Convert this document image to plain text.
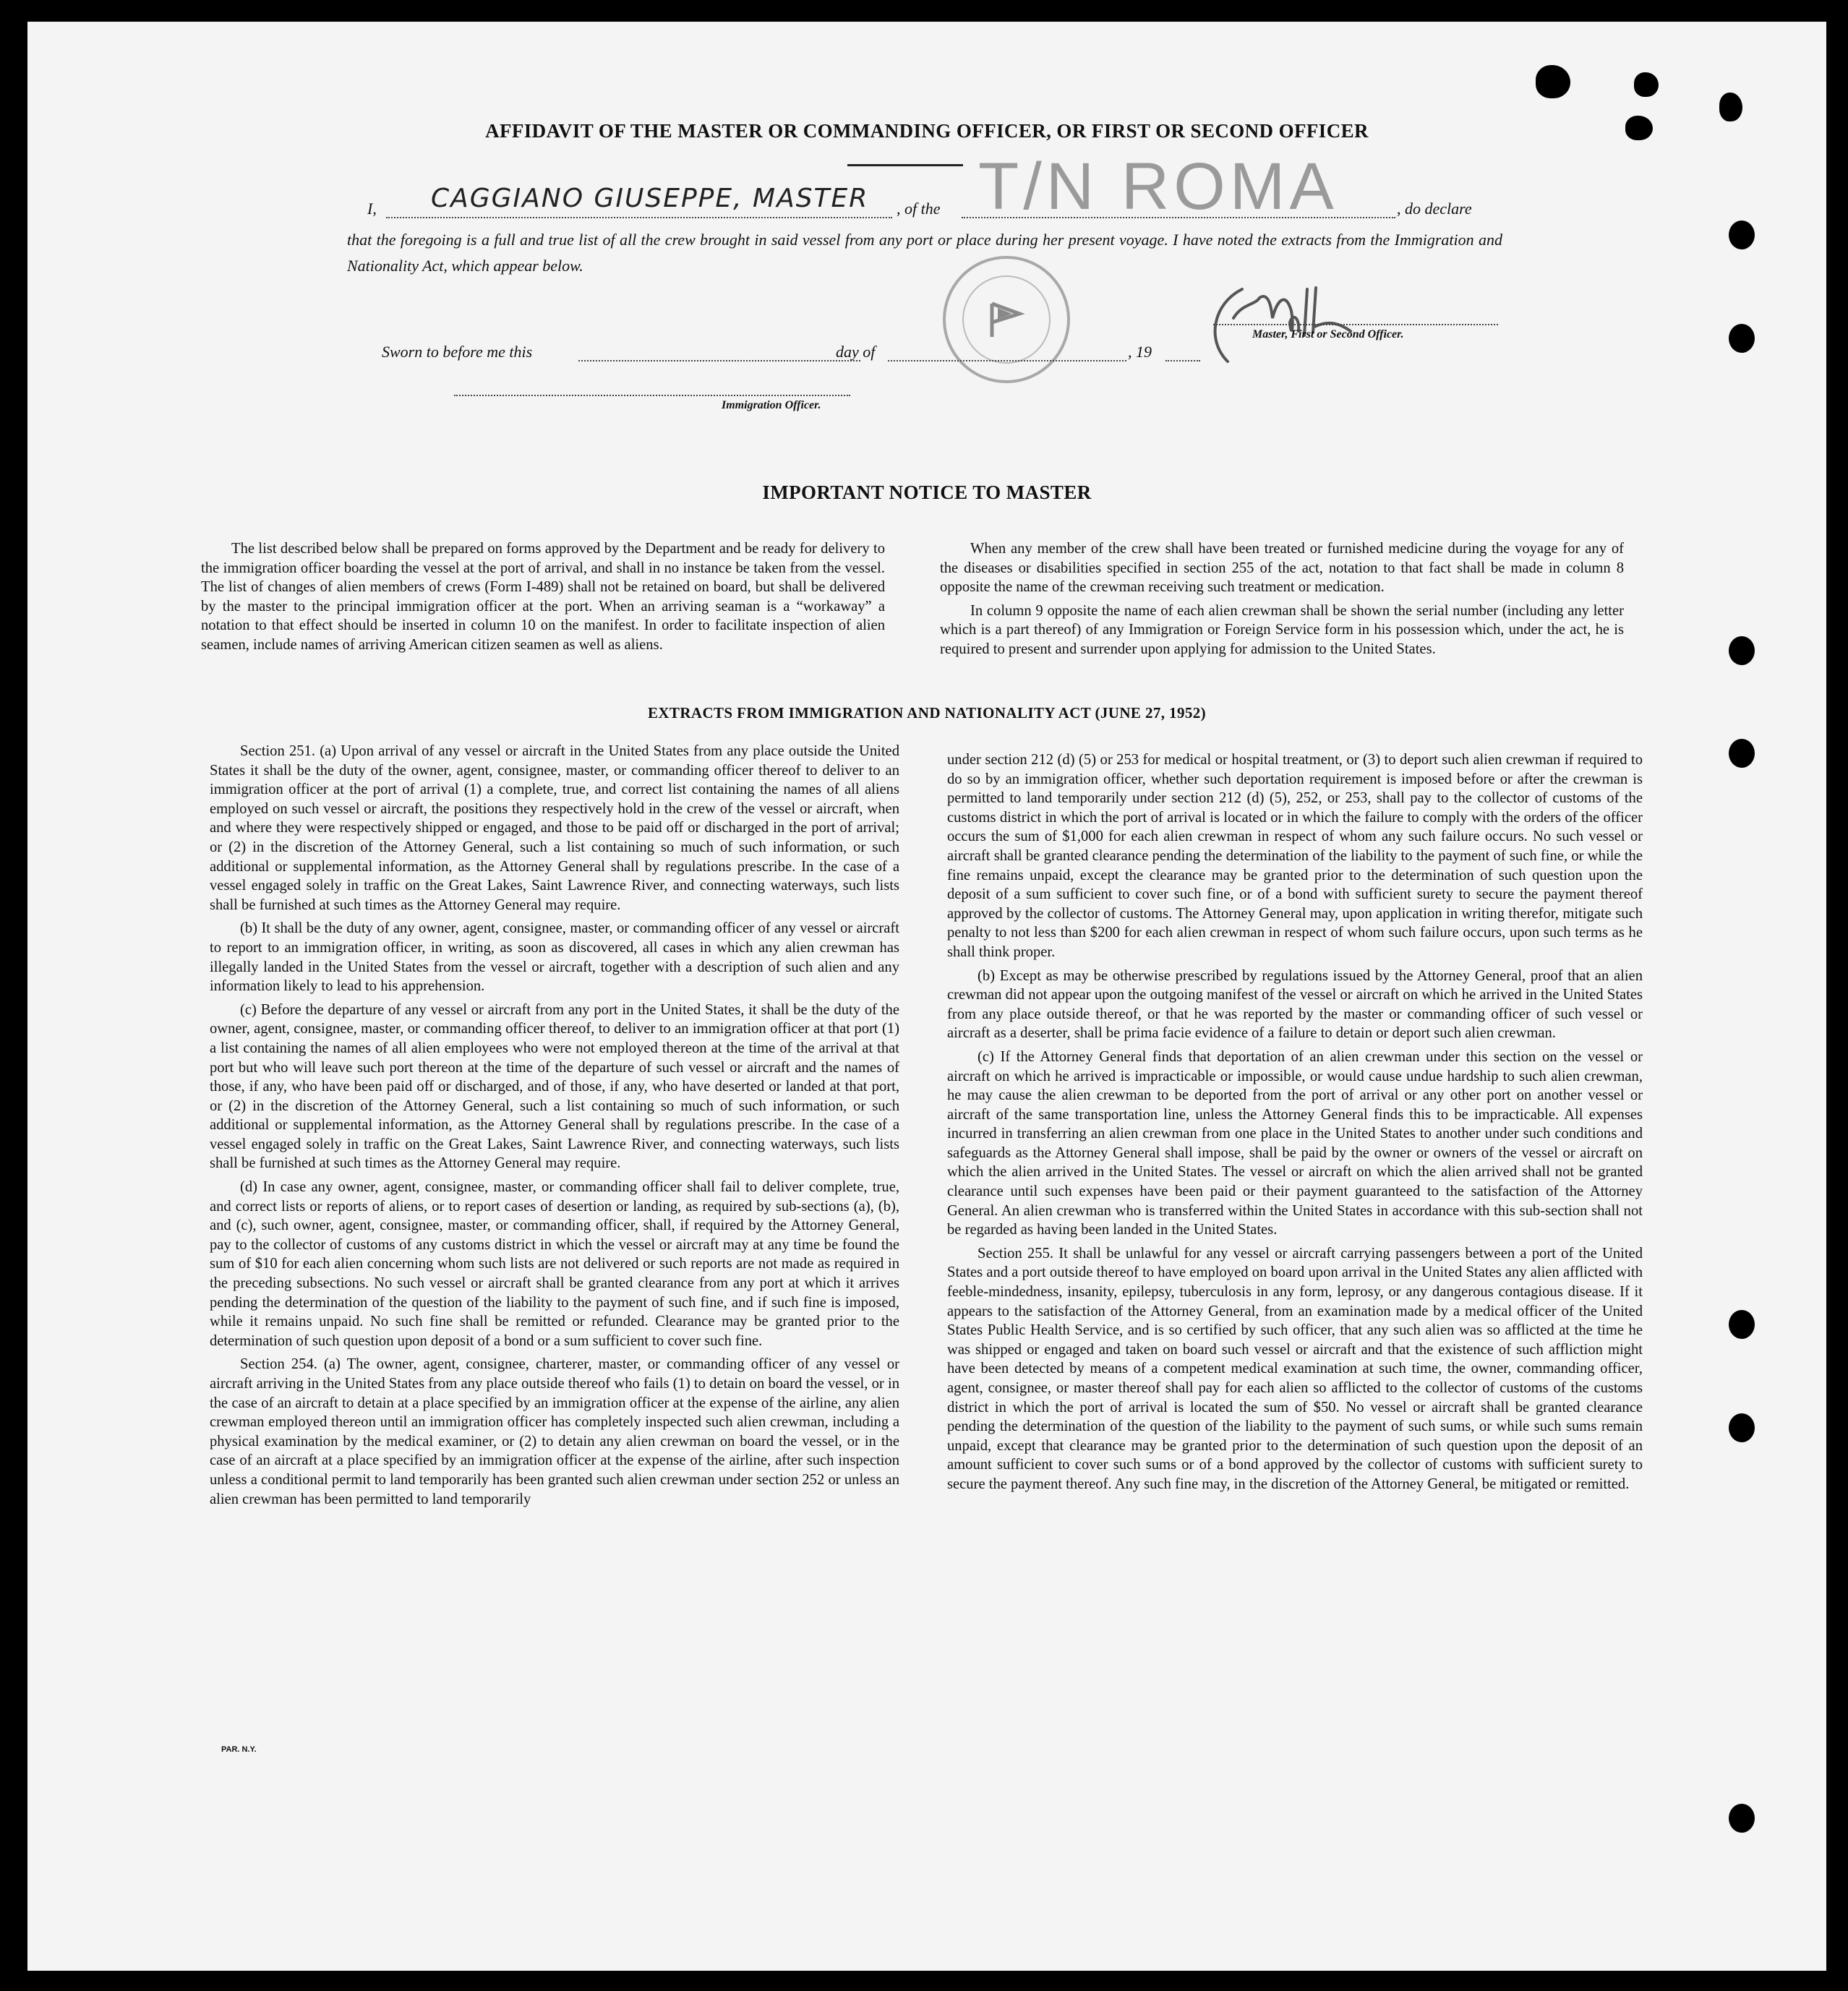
AFFIDAVIT OF THE MASTER OR COMMANDING OFFICER, OR FIRST OR SECOND OFFICER
T/N ROMA
I, CAGGIANO GIUSEPPE, MASTER , of the	, do declare
that the foregoing is a full and true list of all the crew brought in said vessel from any port or place during her present voyage. I have noted the extracts from the Immigration and Nationality Act, which appear below.
Master, First or Second Officer.
Sworn to before me this	day of	, 19
Immigration Officer.
IMPORTANT NOTICE TO MASTER

The list described below shall be prepared on forms approved by the Department and be ready for delivery to the immigration officer boarding the vessel at the port of arrival, and shall in no instance be taken from the vessel. The list of changes of alien members of crews (Form I-489) shall not be retained on board, but shall be delivered by the master to the principal immigration officer at the port. When an arriving seaman is a “workaway” a notation to that effect should be inserted in column 10 on the manifest. In order to facilitate inspection of alien seamen, include names of arriving American citizen seamen as well as aliens.

When any member of the crew shall have been treated or furnished medicine during the voyage for any of the diseases or disabilities specified in section 255 of the act, notation to that fact shall be made in column 8 opposite the name of the crewman receiving such treatment or medication.

In column 9 opposite the name of each alien crewman shall be shown the serial number (including any letter which is a part thereof) of any Immigration or Foreign Service form in his possession which, under the act, he is required to present and surrender upon applying for admission to the United States.

EXTRACTS FROM IMMIGRATION AND NATIONALITY ACT (JUNE 27, 1952)

Section 251. (a) Upon arrival of any vessel or aircraft in the United States from any place outside the United States it shall be the duty of the owner, agent, consignee, master, or commanding officer thereof to deliver to an immigration officer at the port of arrival (1) a complete, true, and correct list containing the names of all aliens employed on such vessel or aircraft, the positions they respectively hold in the crew of the vessel or aircraft, when and where they were respectively shipped or engaged, and those to be paid off or discharged in the port of arrival; or (2) in the discretion of the Attorney General, such a list containing so much of such information, or such additional or supplemental information, as the Attorney General shall by regulations prescribe. In the case of a vessel engaged solely in traffic on the Great Lakes, Saint Lawrence River, and connecting waterways, such lists shall be furnished at such times as the Attorney General may require.

(b) It shall be the duty of any owner, agent, consignee, master, or commanding officer of any vessel or aircraft to report to an immigration officer, in writing, as soon as discovered, all cases in which any alien crewman has illegally landed in the United States from the vessel or aircraft, together with a description of such alien and any information likely to lead to his apprehension.

(c) Before the departure of any vessel or aircraft from any port in the United States, it shall be the duty of the owner, agent, consignee, master, or commanding officer thereof, to deliver to an immigration officer at that port (1) a list containing the names of all alien employees who were not employed thereon at the time of the arrival at that port but who will leave such port thereon at the time of the departure of such vessel or aircraft and the names of those, if any, who have been paid off or discharged, and of those, if any, who have deserted or landed at that port, or (2) in the discretion of the Attorney General, such a list containing so much of such information, or such additional or supplemental information, as the Attorney General shall by regulations prescribe. In the case of a vessel engaged solely in traffic on the Great Lakes, Saint Lawrence River, and connecting waterways, such lists shall be furnished at such times as the Attorney General may require.

(d) In case any owner, agent, consignee, master, or commanding officer shall fail to deliver complete, true, and correct lists or reports of aliens, or to report cases of desertion or landing, as required by sub-sections (a), (b), and (c), such owner, agent, consignee, master, or commanding officer, shall, if required by the Attorney General, pay to the collector of customs of any customs district in which the vessel or aircraft may at any time be found the sum of $10 for each alien concerning whom such lists are not delivered or such reports are not made as required in the preceding subsections. No such vessel or aircraft shall be granted clearance from any port at which it arrives pending the determination of the question of the liability to the payment of such fine, and if such fine is imposed, while it remains unpaid. No such fine shall be remitted or refunded. Clearance may be granted prior to the determination of such question upon deposit of a bond or a sum sufficient to cover such fine.

Section 254. (a) The owner, agent, consignee, charterer, master, or commanding officer of any vessel or aircraft arriving in the United States from any place outside thereof who fails (1) to detain on board the vessel, or in the case of an aircraft to detain at a place specified by an immigration officer at the expense of the airline, any alien crewman employed thereon until an immigration officer has completely inspected such alien crewman, including a physical examination by the medical examiner, or (2) to detain any alien crewman on board the vessel, or in the case of an aircraft at a place specified by an immigration officer at the expense of the airline, after such inspection unless a conditional permit to land temporarily has been granted such alien crewman under section 252 or unless an alien crewman has been permitted to land temporarily

under section 212 (d) (5) or 253 for medical or hospital treatment, or (3) to deport such alien crewman if required to do so by an immigration officer, whether such deportation requirement is imposed before or after the crewman is permitted to land temporarily under section 212 (d) (5), 252, or 253, shall pay to the collector of customs of the customs district in which the port of arrival is located or in which the failure to comply with the orders of the officer occurs the sum of $1,000 for each alien crewman in respect of whom any such failure occurs. No such vessel or aircraft shall be granted clearance pending the determination of the liability to the payment of such fine, or while the fine remains unpaid, except the clearance may be granted prior to the determination of such question upon the deposit of a sum sufficient to cover such fine, or of a bond with sufficient surety to secure the payment thereof approved by the collector of customs. The Attorney General may, upon application in writing therefor, mitigate such penalty to not less than $200 for each alien crewman in respect of whom such failure occurs, upon such terms as he shall think proper.

(b) Except as may be otherwise prescribed by regulations issued by the Attorney General, proof that an alien crewman did not appear upon the outgoing manifest of the vessel or aircraft on which he arrived in the United States from any place outside thereof, or that he was reported by the master or commanding officer of such vessel or aircraft as a deserter, shall be prima facie evidence of a failure to detain or deport such alien crewman.

(c) If the Attorney General finds that deportation of an alien crewman under this section on the vessel or aircraft on which he arrived is impracticable or impossible, or would cause undue hardship to such alien crewman, he may cause the alien crewman to be deported from the port of arrival or any other port on another vessel or aircraft of the same transportation line, unless the Attorney General finds this to be impracticable. All expenses incurred in transferring an alien crewman from one place in the United States to another under such conditions and safeguards as the Attorney General shall impose, shall be paid by the owner or owners of the vessel or aircraft on which the alien arrived in the United States. The vessel or aircraft on which the alien arrived shall not be granted clearance until such expenses have been paid or their payment guaranteed to the satisfaction of the Attorney General. An alien crewman who is transferred within the United States in accordance with this sub-section shall not be regarded as having been landed in the United States.

Section 255. It shall be unlawful for any vessel or aircraft carrying passengers between a port of the United States and a port outside thereof to have employed on board upon arrival in the United States any alien afflicted with feeble-mindedness, insanity, epilepsy, tuberculosis in any form, leprosy, or any dangerous contagious disease. If it appears to the satisfaction of the Attorney General, from an examination made by a medical officer of the United States Public Health Service, and is so certified by such officer, that any such alien was so afflicted at the time he was shipped or engaged and taken on board such vessel or aircraft and that the existence of such affliction might have been detected by means of a competent medical examination at such time, the owner, commanding officer, agent, consignee, or master thereof shall pay for each alien so afflicted to the collector of customs of the customs district in which the port of arrival is located the sum of $50. No vessel or aircraft shall be granted clearance pending the determination of the question of the liability to the payment of such sums, or while such sums remain unpaid, except that clearance may be granted prior to the determination of such question upon the deposit of an amount sufficient to cover such sums or of a bond approved by the collector of customs with sufficient surety to secure the payment thereof. Any such fine may, in the discretion of the Attorney General, be mitigated or remitted.

PAR. N.Y.
